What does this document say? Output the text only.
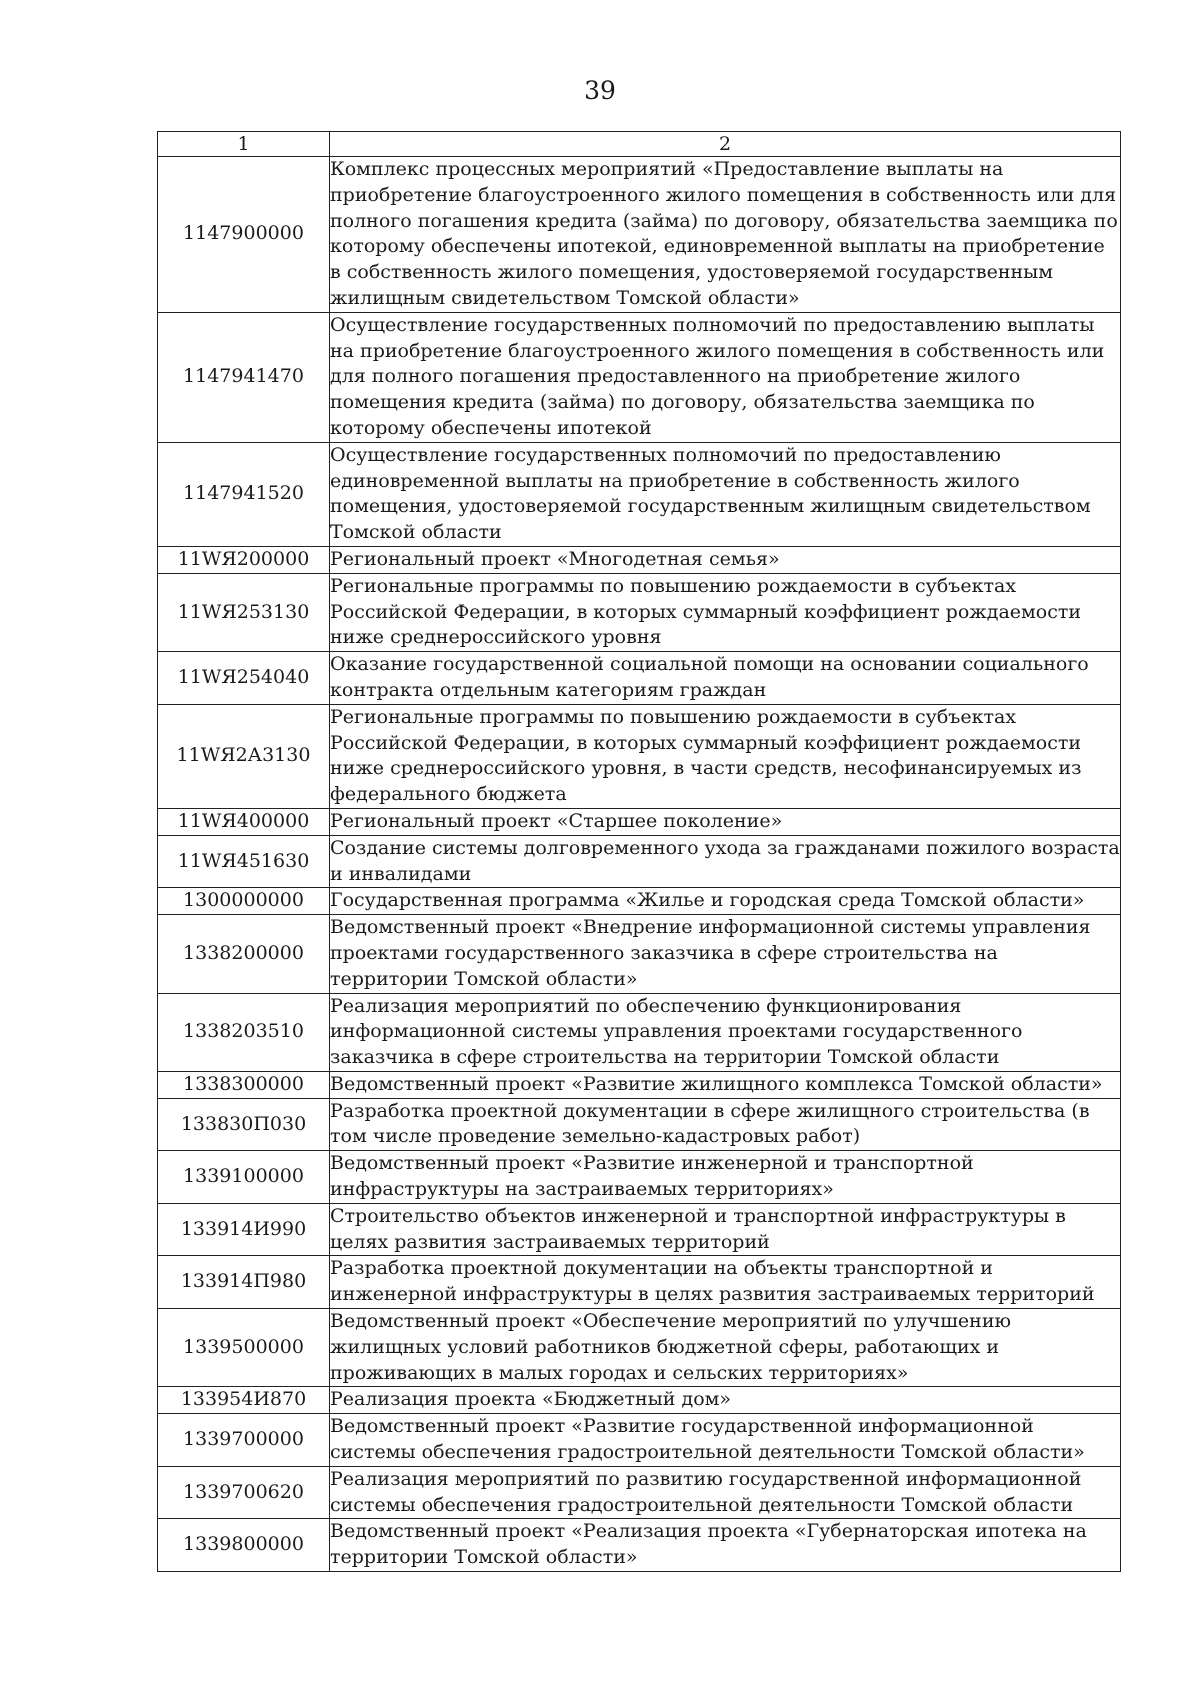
39
1	2
1147900000	Комплекс процессных мероприятий «Предоставление выплаты на приобретение благоустроенного жилого помещения в собственность или для полного погашения кредита (займа) по договору, обязательства заемщика по которому обеспечены ипотекой, единовременной выплаты на приобретение в собственность жилого помещения, удостоверяемой государственным жилищным свидетельством Томской области»
1147941470	Осуществление государственных полномочий по предоставлению выплаты на приобретение благоустроенного жилого помещения в собственность или для полного погашения предоставленного на приобретение жилого помещения кредита (займа) по договору, обязательства заемщика по которому обеспечены ипотекой
1147941520	Осуществление государственных полномочий по предоставлению единовременной выплаты на приобретение в собственность жилого помещения, удостоверяемой государственным жилищным свидетельством Томской области
11WЯ200000	Региональный проект «Многодетная семья»
11WЯ253130	Региональные программы по повышению рождаемости в субъектах Российской Федерации, в которых суммарный коэффициент рождаемости ниже среднероссийского уровня
11WЯ254040	Оказание государственной социальной помощи на основании социального контракта отдельным категориям граждан
11WЯ2А3130	Региональные программы по повышению рождаемости в субъектах Российской Федерации, в которых суммарный коэффициент рождаемости ниже среднероссийского уровня, в части средств, несофинансируемых из федерального бюджета
11WЯ400000	Региональный проект «Старшее поколение»
11WЯ451630	Создание системы долговременного ухода за гражданами пожилого возраста и инвалидами
1300000000	Государственная программа «Жилье и городская среда Томской области»
1338200000	Ведомственный проект «Внедрение информационной системы управления проектами государственного заказчика в сфере строительства на территории Томской области»
1338203510	Реализация мероприятий по обеспечению функционирования информационной системы управления проектами государственного заказчика в сфере строительства на территории Томской области
1338300000	Ведомственный проект «Развитие жилищного комплекса Томской области»
133830П030	Разработка проектной документации в сфере жилищного строительства (в том числе проведение земельно-кадастровых работ)
1339100000	Ведомственный проект «Развитие инженерной и транспортной инфраструктуры на застраиваемых территориях»
133914И990	Строительство объектов инженерной и транспортной инфраструктуры в целях развития застраиваемых территорий
133914П980	Разработка проектной документации на объекты транспортной и инженерной инфраструктуры в целях развития застраиваемых территорий
1339500000	Ведомственный проект «Обеспечение мероприятий по улучшению жилищных условий работников бюджетной сферы, работающих и проживающих в малых городах и сельских территориях»
133954И870	Реализация проекта «Бюджетный дом»
1339700000	Ведомственный проект «Развитие государственной информационной системы обеспечения градостроительной деятельности Томской области»
1339700620	Реализация мероприятий по развитию государственной информационной системы обеспечения градостроительной деятельности Томской области
1339800000	Ведомственный проект «Реализация проекта «Губернаторская ипотека на территории Томской области»
